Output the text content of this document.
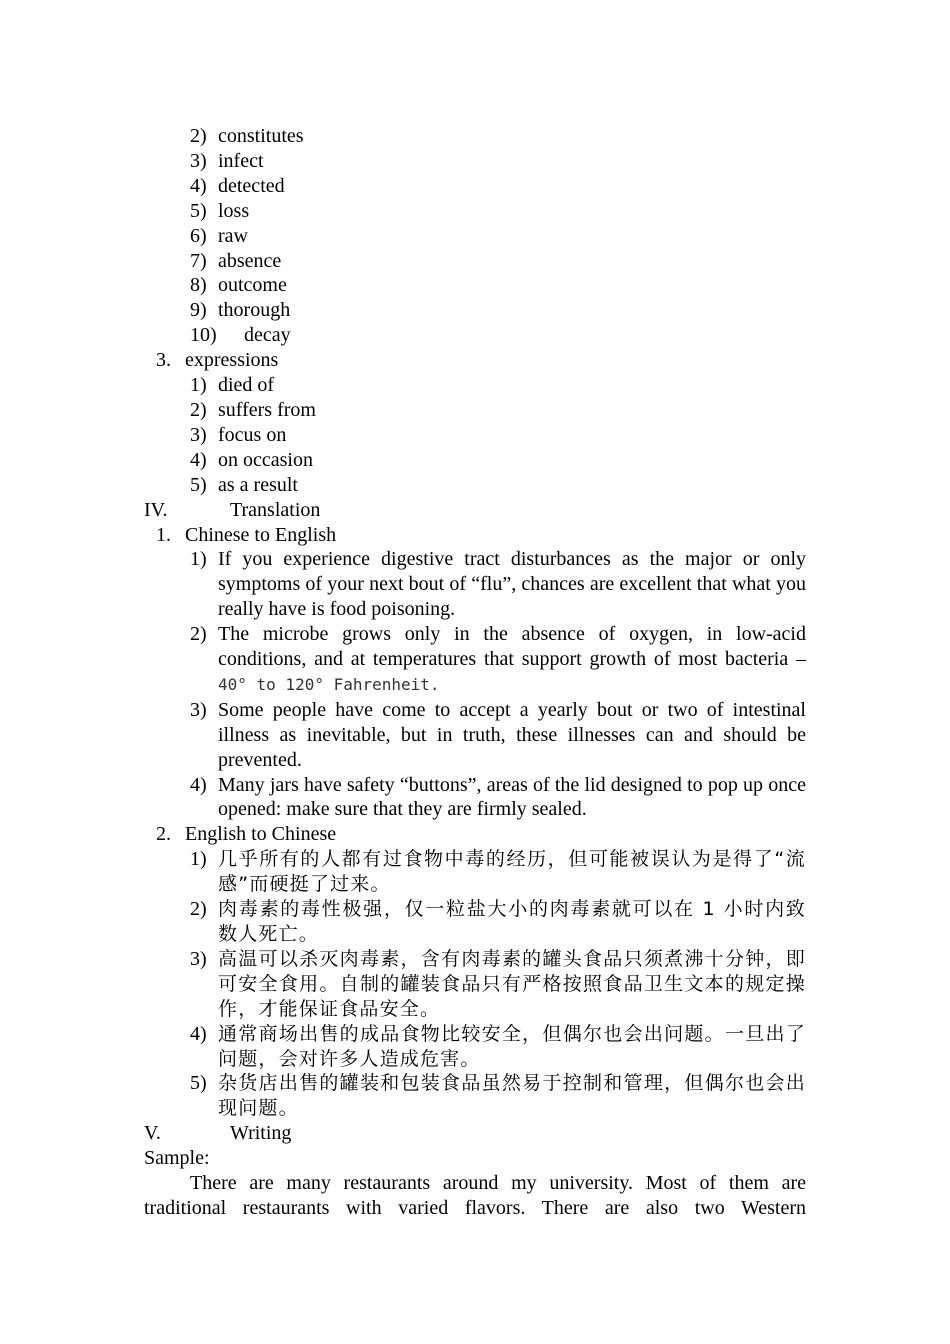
2) constitutes
3) infect
4) detected
5) loss
6) raw
7) absence
8) outcome
9) thorough
10) decay
3. expressions
1) died of
2) suffers from
3) focus on
4) on occasion
5) as a result
IV.	Translation
1. Chinese to English
1) If you experience digestive tract disturbances as the major or only symptoms of your next bout of “flu”, chances are excellent that what you really have is food poisoning.
2) The microbe grows only in the absence of oxygen, in low-acid conditions, and at temperatures that support growth of most bacteria –40° to 120° Fahrenheit.
3) Some people have come to accept a yearly bout or two of intestinal illness as inevitable, but in truth, these illnesses can and should be prevented.
4) Many jars have safety “buttons”, areas of the lid designed to pop up once opened: make sure that they are firmly sealed.
2. English to Chinese
1) 几乎所有的人都有过食物中毒的经历，但可能被误认为是得了“流感”而硬挺了过来。
2) 肉毒素的毒性极强，仅一粒盐大小的肉毒素就可以在 1 小时内致数人死亡。
3) 高温可以杀灭肉毒素，含有肉毒素的罐头食品只须煮沸十分钟，即可安全食用。自制的罐装食品只有严格按照食品卫生文本的规定操作，才能保证食品安全。
4) 通常商场出售的成品食物比较安全，但偶尔也会出问题。一旦出了问题，会对许多人造成危害。
5) 杂货店出售的罐装和包装食品虽然易于控制和管理，但偶尔也会出现问题。
V.	Writing
Sample:
There are many restaurants around my university. Most of them are traditional restaurants with varied flavors. There are also two Western
